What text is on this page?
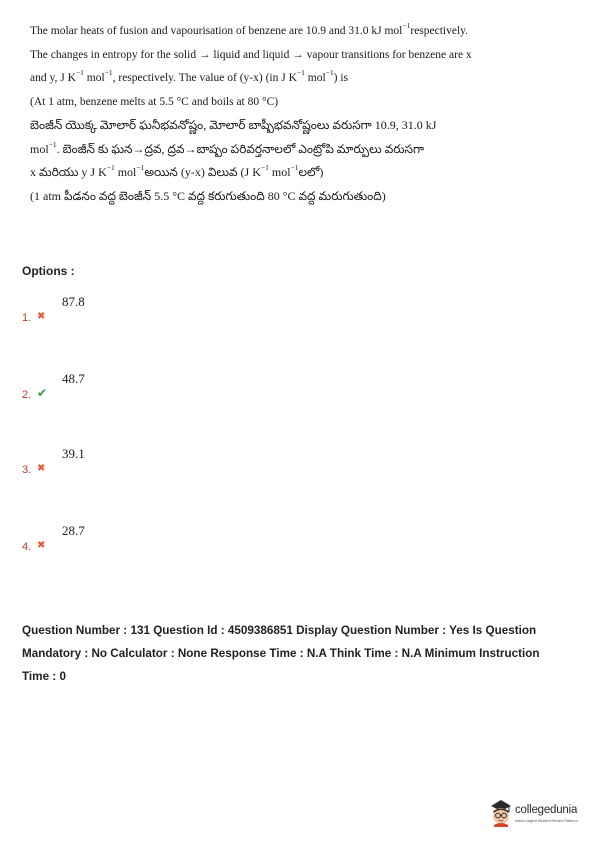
The molar heats of fusion and vapourisation of benzene are 10.9 and 31.0 kJ mol$^{-1}$respectively.
The changes in entropy for the solid → liquid and liquid → vapour transitions for benzene are x
and y, J $K^{-1}$ mol$^{-1}$, respectively. The value of (y-x) (in J $K^{-1}$ mol$^{-1}$) is
(At 1 atm, benzene melts at 5.5 °C and boils at 80 °C)
బెంజీన్ యొక్క మోలార్ ఘనీభవనోష్ణం, మోలార్ బాష్పీభవనోష్ణంలు వరుసగా 10.9, 31.0 kJ
mol$^{-1}$. బెంజీన్ కు ఘన→ద్రవ, ద్రవ→బాష్పం పరివర్తనాలలో ఎంట్రోపి మార్పులు వరుసగా
x మరియు y J $K^{-1}$ mol$^{-1}$అయిన (y-x) విలువ (J $K^{-1}$ mol$^{-1}$లలో)
(1 atm పీడనం వద్ద బెంజీన్ 5.5 °C వద్ద కరుగుతుంది 80 °C వద్ద మరుగుతుంది)
Options :
1. ✖
87.8
2. ✔
48.7
3. ✖
39.1
4. ✖
28.7
Question Number : 131 Question Id : 4509386851 Display Question Number : Yes Is Question
Mandatory : No Calculator : None Response Time : N.A Think Time : N.A Minimum Instruction
Time : 0
collegedunia
India's largest Student Review Platform
